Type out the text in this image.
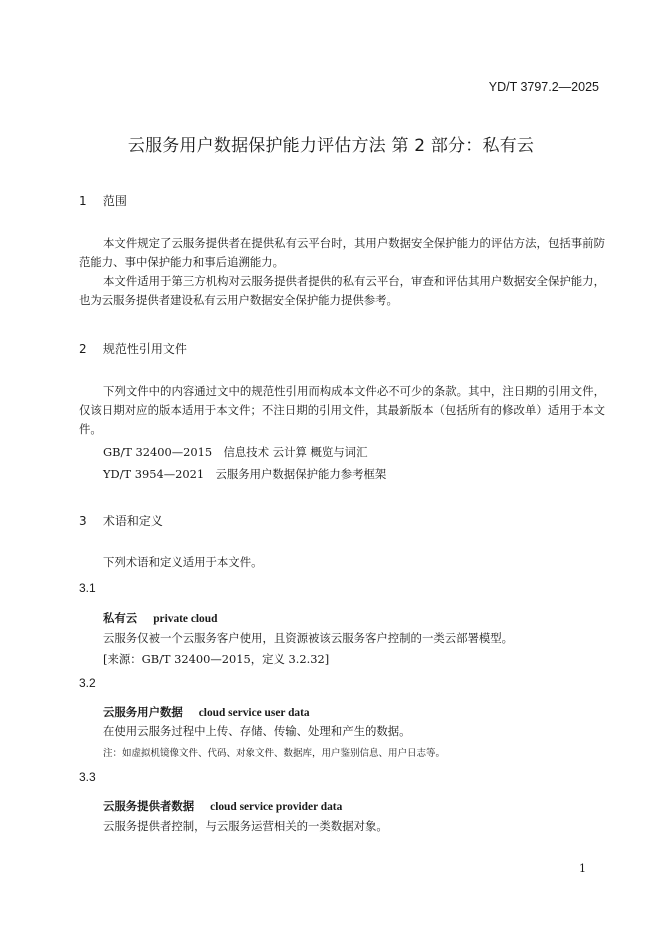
YD/T 3797.2—2025
云服务用户数据保护能力评估方法 第 2 部分：私有云
1 范围
本文件规定了云服务提供者在提供私有云平台时，其用户数据安全保护能力的评估方法，包括事前防范能力、事中保护能力和事后追溯能力。
本文件适用于第三方机构对云服务提供者提供的私有云平台，审查和评估其用户数据安全保护能力，也为云服务提供者建设私有云用户数据安全保护能力提供参考。
2 规范性引用文件
下列文件中的内容通过文中的规范性引用而构成本文件必不可少的条款。其中，注日期的引用文件，仅该日期对应的版本适用于本文件；不注日期的引用文件，其最新版本（包括所有的修改单）适用于本文件。
GB/T 32400—2015　信息技术 云计算 概览与词汇
YD/T 3954—2021　云服务用户数据保护能力参考框架
3 术语和定义
下列术语和定义适用于本文件。
3.1
私有云 private cloud
云服务仅被一个云服务客户使用，且资源被该云服务客户控制的一类云部署模型。
[来源：GB/T 32400—2015，定义 3.2.32]
3.2
云服务用户数据 cloud service user data
在使用云服务过程中上传、存储、传输、处理和产生的数据。
注：如虚拟机镜像文件、代码、对象文件、数据库，用户鉴别信息、用户日志等。
3.3
云服务提供者数据 cloud service provider data
云服务提供者控制，与云服务运营相关的一类数据对象。
1
